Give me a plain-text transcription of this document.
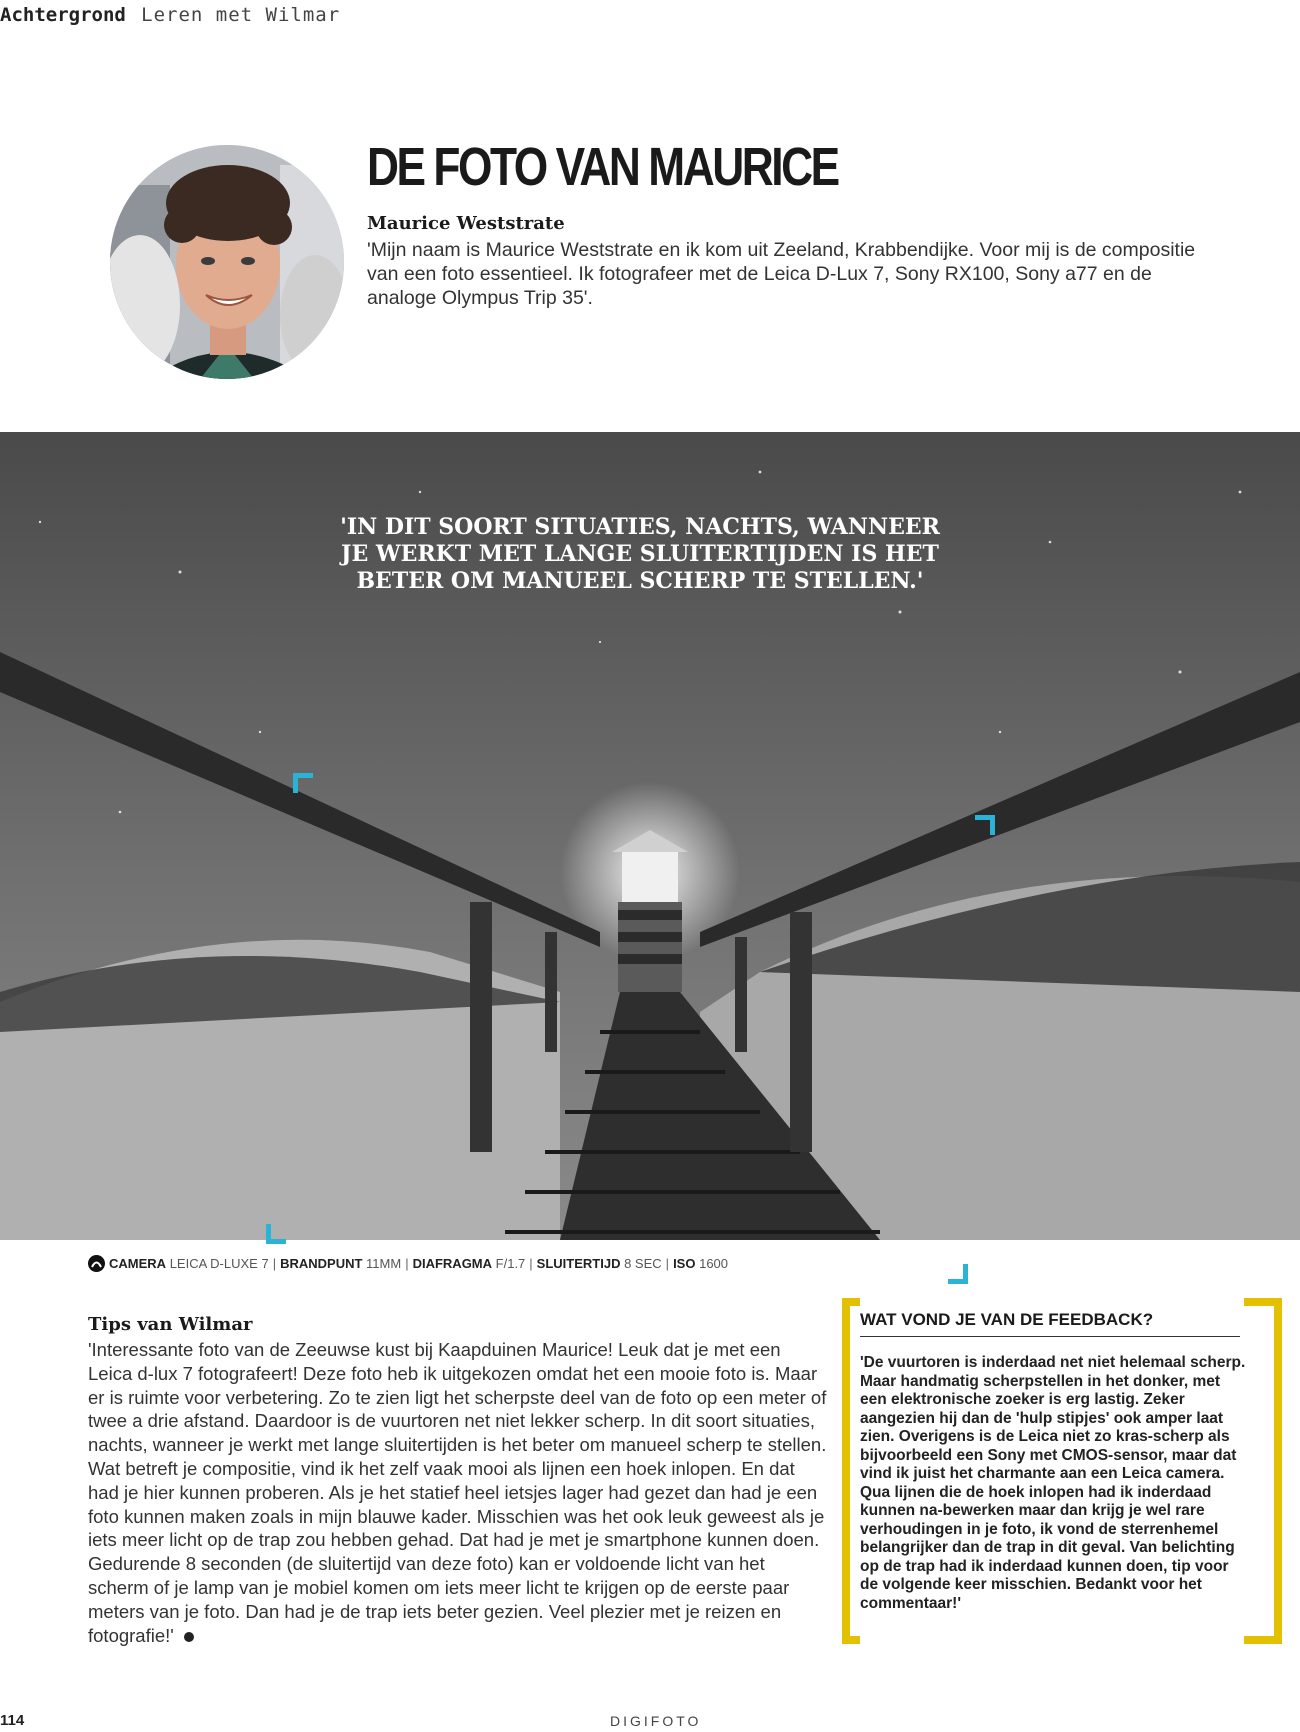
Achtergrond Leren met Wilmar
DE FOTO VAN MAURICE
Maurice Weststrate

'Mijn naam is Maurice Weststrate en ik kom uit Zeeland, Krabbendijke. Voor mij is de compositie van een foto essentieel. Ik fotografeer met de Leica D-Lux 7, Sony RX100, Sony a77 en de analoge Olympus Trip 35'.

'IN DIT SOORT SITUATIES, NACHTS, WANNEER JE WERKT MET LANGE SLUITERTIJDEN IS HET BETER OM MANUEEL SCHERP TE STELLEN.'
CAMERA
LEICA D-LUXE 7 | BRANDPUNT
11MM | DIAFRAGMA
F/1.7 | SLUITERTIJD
8 SEC | ISO
1600
Tips van Wilmar

'Interessante foto van de Zeeuwse kust bij Kaapduinen Maurice! Leuk dat je met een Leica d-lux 7 fotografeert! Deze foto heb ik uitgekozen omdat het een mooie foto is. Maar er is ruimte voor verbetering. Zo te zien ligt het scherpste deel van de foto op een meter of twee a drie afstand. Daardoor is de vuurtoren net niet lekker scherp. In dit soort situaties, nachts, wanneer je werkt met lange sluitertijden is het beter om manueel scherp te stellen. Wat betreft je compositie, vind ik het zelf vaak mooi als lijnen een hoek inlopen. En dat had je hier kunnen proberen. Als je het statief heel ietsjes lager had gezet dan had je een foto kunnen maken zoals in mijn blauwe kader. Misschien was het ook leuk geweest als je iets meer licht op de trap zou hebben gehad. Dat had je met je smartphone kunnen doen. Gedurende 8 seconden (de sluitertijd van deze foto) kan er voldoende licht van het scherm of je lamp van je mobiel komen om iets meer licht te krijgen op de eerste paar meters van je foto. Dan had je de trap iets beter gezien. Veel plezier met je reizen en fotografie!'

WAT VOND JE VAN DE FEEDBACK?

'De vuurtoren is inderdaad net niet helemaal scherp. Maar handmatig scherpstellen in het donker, met een elektronische zoeker is erg lastig. Zeker aangezien hij dan de 'hulp stipjes' ook amper laat zien. Overigens is de Leica niet zo kras-scherp als bijvoorbeeld een Sony met CMOS-sensor, maar dat vind ik juist het charmante aan een Leica camera. Qua lijnen die de hoek inlopen had ik inderdaad kunnen na-bewerken maar dan krijg je wel rare verhoudingen in je foto, ik vond de sterrenhemel belangrijker dan de trap in dit geval. Van belichting op de trap had ik inderdaad kunnen doen, tip voor de volgende keer misschien. Bedankt voor het commentaar!'

114	DIGIFOTO
